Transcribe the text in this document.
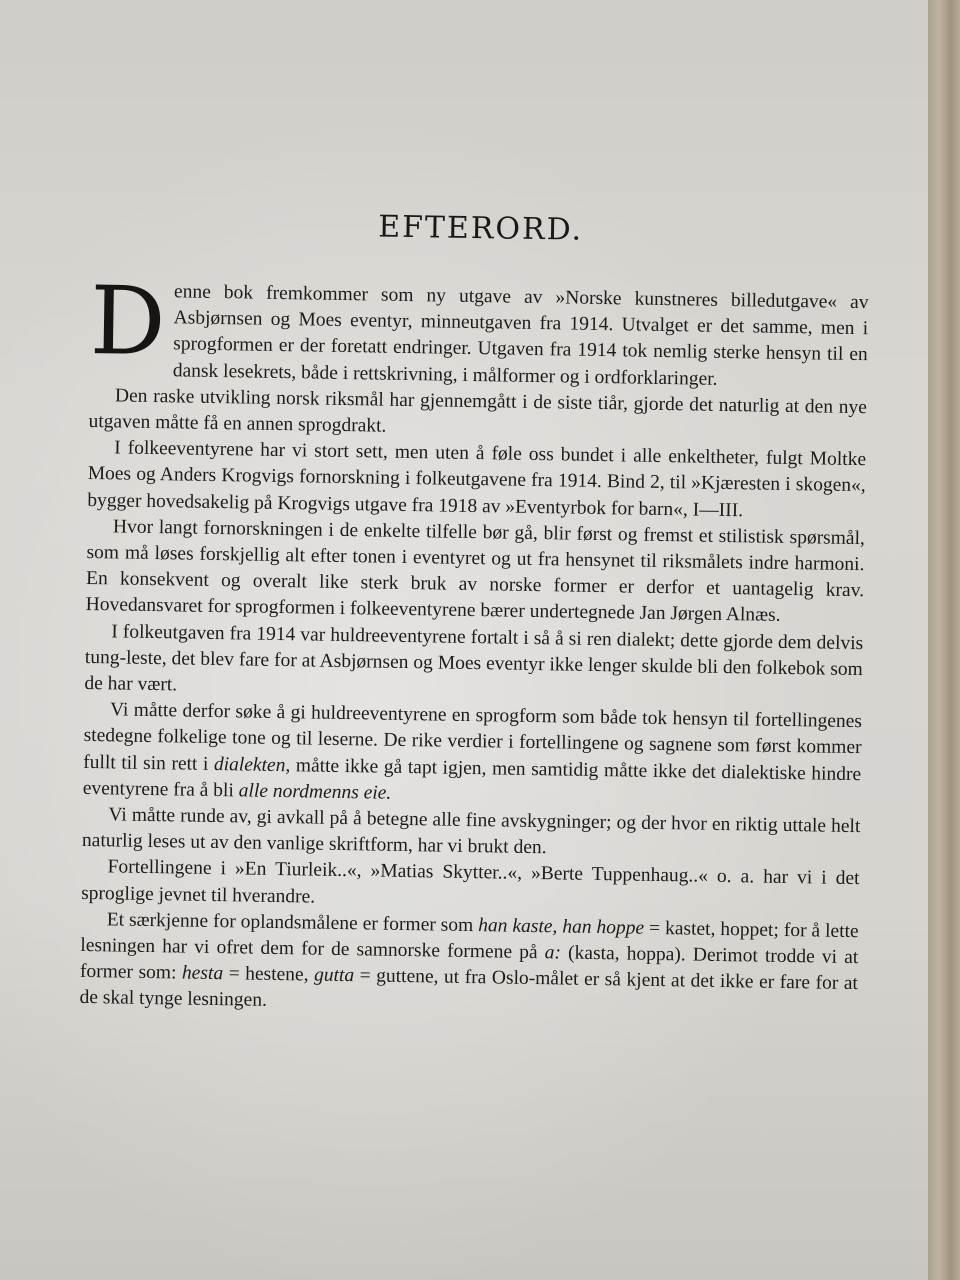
EFTERORD.

Denne bok fremkommer som ny utgave av »Norske kunstneres billedutgave« av Asbjørnsen og Moes eventyr, minneutgaven fra 1914. Utvalget er det samme, men i sprogformen er der foretatt endringer. Utgaven fra 1914 tok nemlig sterke hensyn til en dansk lesekrets, både i rettskrivning, i målformer og i ordforklaringer.

Den raske utvikling norsk riksmål har gjennemgått i de siste tiår, gjorde det naturlig at den nye utgaven måtte få en annen sprogdrakt.

I folkeeventyrene har vi stort sett, men uten å føle oss bundet i alle enkeltheter, fulgt Moltke Moes og Anders Krogvigs fornorskning i folkeutgavene fra 1914. Bind 2, til »Kjæresten i skogen«, bygger hovedsakelig på Krogvigs utgave fra 1918 av »Eventyrbok for barn«, I—III.

Hvor langt fornorskningen i de enkelte tilfelle bør gå, blir først og fremst et stilistisk spørsmål, som må løses forskjellig alt efter tonen i eventyret og ut fra hensynet til riksmålets indre harmoni. En konsekvent og overalt like sterk bruk av norske former er derfor et uantagelig krav. Hovedansvaret for sprogformen i folkeeventyrene bærer undertegnede Jan Jørgen Alnæs.

I folkeutgaven fra 1914 var huldreeventyrene fortalt i så å si ren dialekt; dette gjorde dem delvis tung-leste, det blev fare for at Asbjørnsen og Moes eventyr ikke lenger skulde bli den folkebok som de har vært.

Vi måtte derfor søke å gi huldreeventyrene en sprogform som både tok hensyn til fortellingenes stedegne folkelige tone og til leserne. De rike verdier i fortellingene og sagnene som først kommer fullt til sin rett i dialekten, måtte ikke gå tapt igjen, men samtidig måtte ikke det dialektiske hindre eventyrene fra å bli alle nordmenns eie.

Vi måtte runde av, gi avkall på å betegne alle fine avskygninger; og der hvor en riktig uttale helt naturlig leses ut av den vanlige skriftform, har vi brukt den.

Fortellingene i »En Tiurleik..«, »Matias Skytter..«, »Berte Tuppenhaug..« o. a. har vi i det sproglige jevnet til hverandre.

Et særkjenne for oplandsmålene er former som han kaste, han hoppe = kastet, hoppet; for å lette lesningen har vi ofret dem for de samnorske formene på a: (kasta, hoppa). Derimot trodde vi at former som: hesta = hestene, gutta = guttene, ut fra Oslo-målet er så kjent at det ikke er fare for at de skal tynge lesningen.
